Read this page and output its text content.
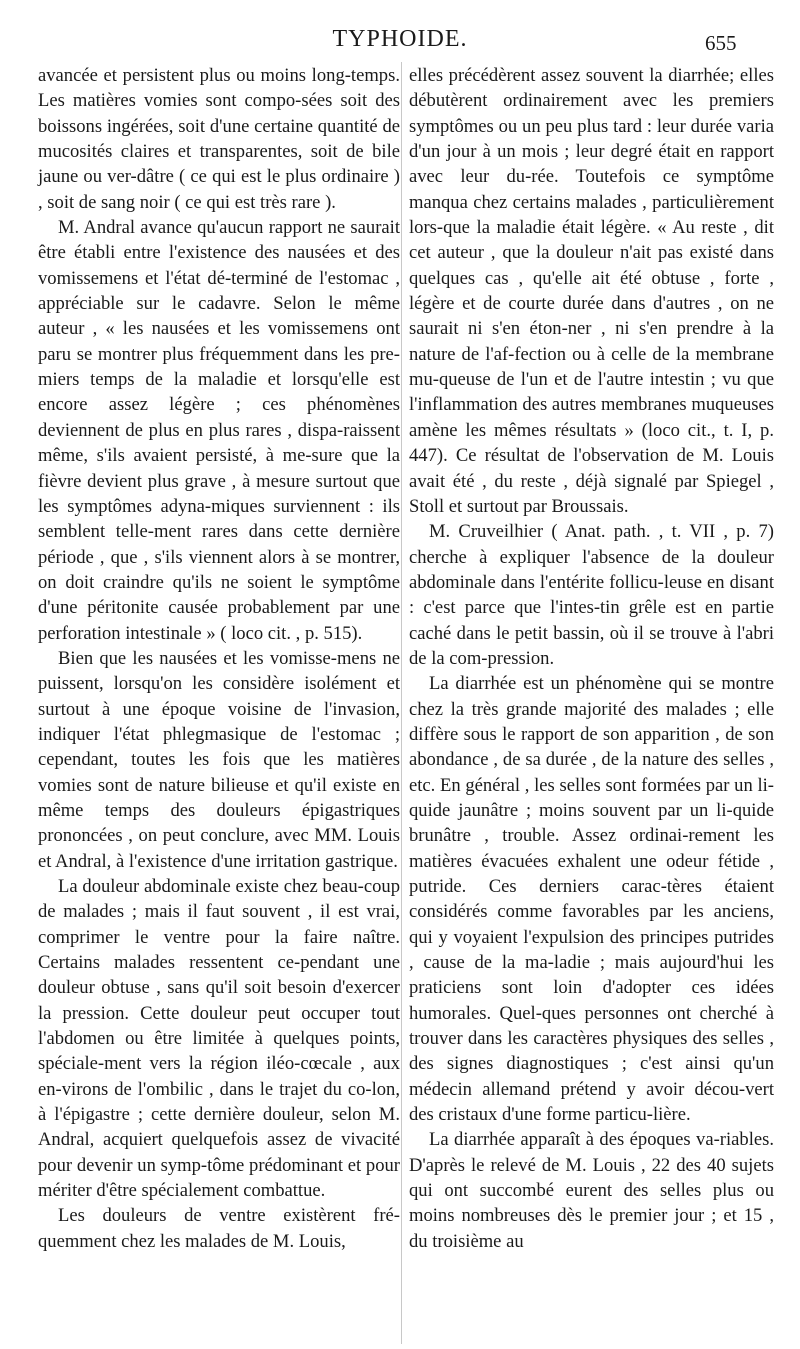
TYPHOIDE.	655

avancée et persistent plus ou moins long-temps. Les matières vomies sont compo-sées soit des boissons ingérées, soit d'une certaine quantité de mucosités claires et transparentes, soit de bile jaune ou ver-dâtre ( ce qui est le plus ordinaire ) , soit de sang noir ( ce qui est très rare ).

M. Andral avance qu'aucun rapport ne saurait être établi entre l'existence des nausées et des vomissemens et l'état dé-terminé de l'estomac , appréciable sur le cadavre. Selon le même auteur , « les nausées et les vomissemens ont paru se montrer plus fréquemment dans les pre-miers temps de la maladie et lorsqu'elle est encore assez légère ; ces phénomènes deviennent de plus en plus rares , dispa-raissent même, s'ils avaient persisté, à me-sure que la fièvre devient plus grave , à mesure surtout que les symptômes adyna-miques surviennent : ils semblent telle-ment rares dans cette dernière période , que , s'ils viennent alors à se montrer, on doit craindre qu'ils ne soient le symptôme d'une péritonite causée probablement par une perforation intestinale » ( loco cit. , p. 515).

Bien que les nausées et les vomisse-mens ne puissent, lorsqu'on les considère isolément et surtout à une époque voisine de l'invasion, indiquer l'état phlegmasique de l'estomac ; cependant, toutes les fois que les matières vomies sont de nature bilieuse et qu'il existe en même temps des douleurs épigastriques prononcées , on peut conclure, avec MM. Louis et Andral, à l'existence d'une irritation gastrique.

La douleur abdominale existe chez beau-coup de malades ; mais il faut souvent , il est vrai, comprimer le ventre pour la faire naître. Certains malades ressentent ce-pendant une douleur obtuse , sans qu'il soit besoin d'exercer la pression. Cette douleur peut occuper tout l'abdomen ou être limitée à quelques points, spéciale-ment vers la région iléo-cœcale , aux en-virons de l'ombilic , dans le trajet du co-lon, à l'épigastre ; cette dernière douleur, selon M. Andral, acquiert quelquefois assez de vivacité pour devenir un symp-tôme prédominant et pour mériter d'être spécialement combattue.

Les douleurs de ventre existèrent fré-quemment chez les malades de M. Louis,

elles précédèrent assez souvent la diarrhée; elles débutèrent ordinairement avec les premiers symptômes ou un peu plus tard : leur durée varia d'un jour à un mois ; leur degré était en rapport avec leur du-rée. Toutefois ce symptôme manqua chez certains malades , particulièrement lors-que la maladie était légère. « Au reste , dit cet auteur , que la douleur n'ait pas existé dans quelques cas , qu'elle ait été obtuse , forte , légère et de courte durée dans d'autres , on ne saurait ni s'en éton-ner , ni s'en prendre à la nature de l'af-fection ou à celle de la membrane mu-queuse de l'un et de l'autre intestin ; vu que l'inflammation des autres membranes muqueuses amène les mêmes résultats » (loco cit., t. I, p. 447). Ce résultat de l'observation de M. Louis avait été , du reste , déjà signalé par Spiegel , Stoll et surtout par Broussais.

M. Cruveilhier ( Anat. path. , t. VII , p. 7) cherche à expliquer l'absence de la douleur abdominale dans l'entérite follicu-leuse en disant : c'est parce que l'intes-tin grêle est en partie caché dans le petit bassin, où il se trouve à l'abri de la com-pression.

La diarrhée est un phénomène qui se montre chez la très grande majorité des malades ; elle diffère sous le rapport de son apparition , de son abondance , de sa durée , de la nature des selles , etc. En général , les selles sont formées par un li-quide jaunâtre ; moins souvent par un li-quide brunâtre , trouble. Assez ordinai-rement les matières évacuées exhalent une odeur fétide , putride. Ces derniers carac-tères étaient considérés comme favorables par les anciens, qui y voyaient l'expulsion des principes putrides , cause de la ma-ladie ; mais aujourd'hui les praticiens sont loin d'adopter ces idées humorales. Quel-ques personnes ont cherché à trouver dans les caractères physiques des selles , des signes diagnostiques ; c'est ainsi qu'un médecin allemand prétend y avoir décou-vert des cristaux d'une forme particu-lière.

La diarrhée apparaît à des époques va-riables. D'après le relevé de M. Louis , 22 des 40 sujets qui ont succombé eurent des selles plus ou moins nombreuses dès le premier jour ; et 15 , du troisième au
